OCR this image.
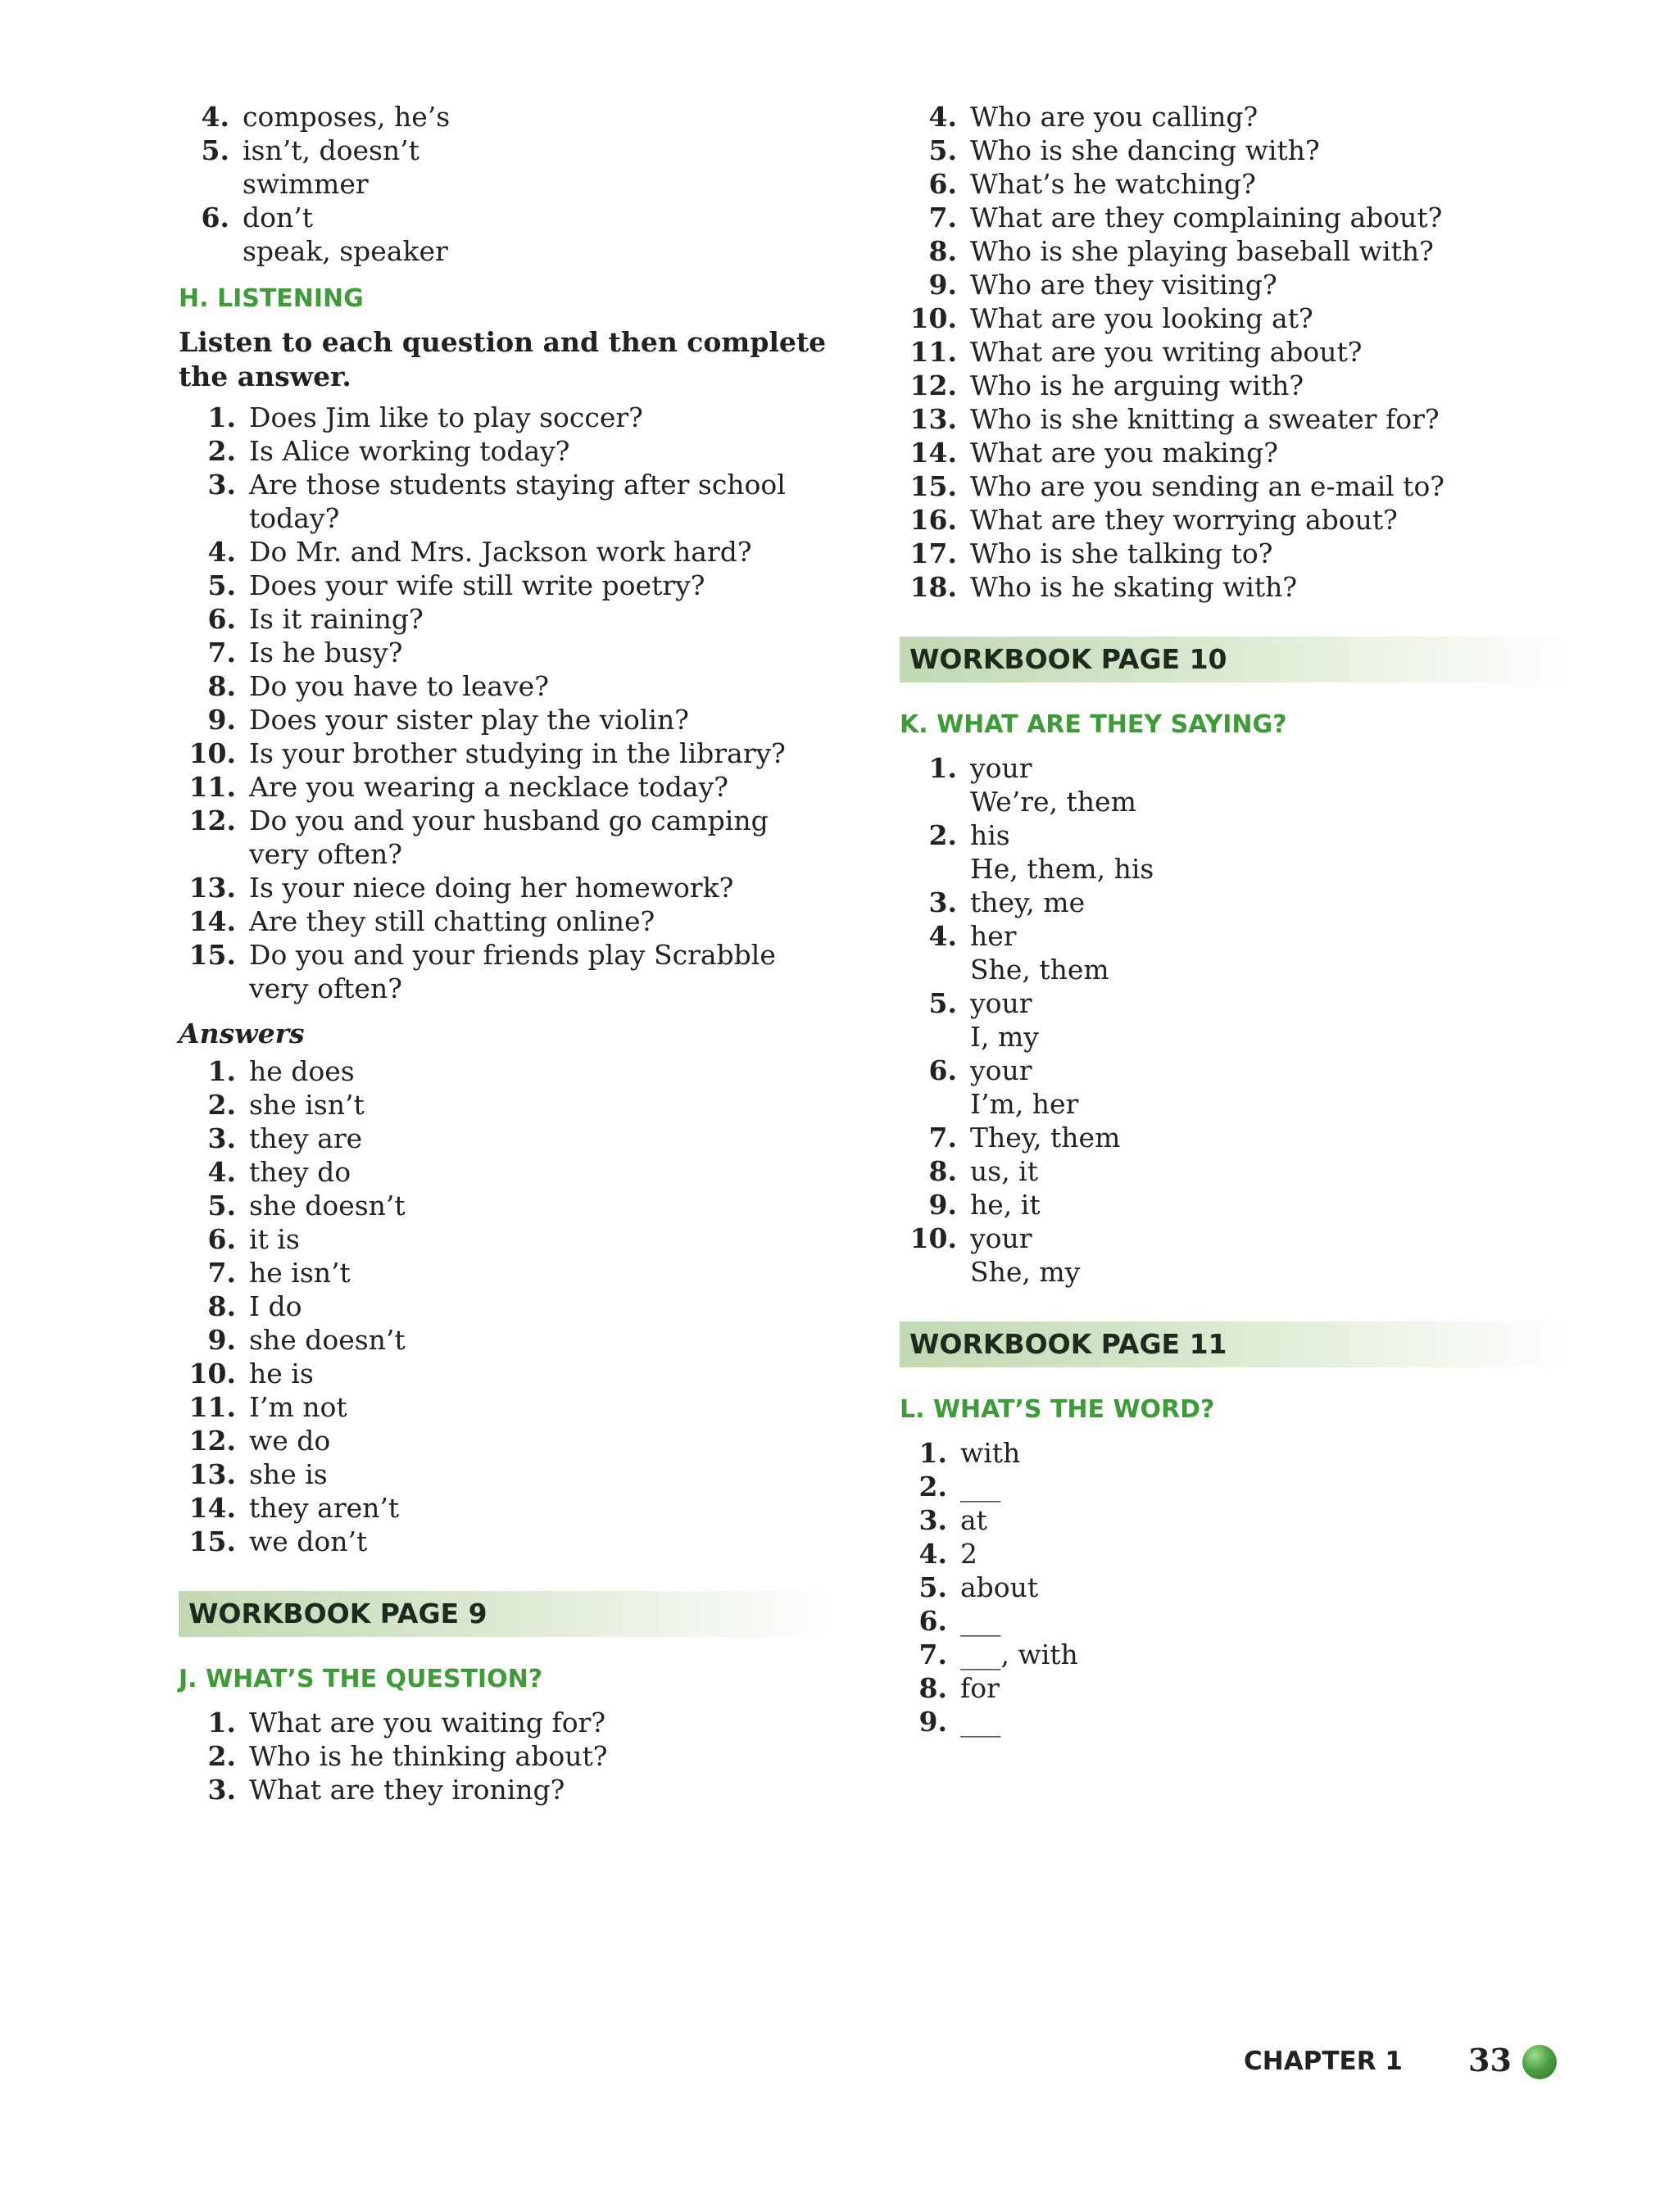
4. composes, he’s
5. isn’t, doesn’t
swimmer
6. don’t
speak, speaker
H. LISTENING
Listen to each question and then complete the answer.
1. Does Jim like to play soccer?
2. Is Alice working today?
3. Are those students staying after school today?
4. Do Mr. and Mrs. Jackson work hard?
5. Does your wife still write poetry?
6. Is it raining?
7. Is he busy?
8. Do you have to leave?
9. Does your sister play the violin?
10. Is your brother studying in the library?
11. Are you wearing a necklace today?
12. Do you and your husband go camping very often?
13. Is your niece doing her homework?
14. Are they still chatting online?
15. Do you and your friends play Scrabble very often?
Answers
1. he does
2. she isn’t
3. they are
4. they do
5. she doesn’t
6. it is
7. he isn’t
8. I do
9. she doesn’t
10. he is
11. I’m not
12. we do
13. she is
14. they aren’t
15. we don’t
WORKBOOK PAGE 9
J. WHAT’S THE QUESTION?
1. What are you waiting for?
2. Who is he thinking about?
3. What are they ironing?
4. Who are you calling?
5. Who is she dancing with?
6. What’s he watching?
7. What are they complaining about?
8. Who is she playing baseball with?
9. Who are they visiting?
10. What are you looking at?
11. What are you writing about?
12. Who is he arguing with?
13. Who is she knitting a sweater for?
14. What are you making?
15. Who are you sending an e-mail to?
16. What are they worrying about?
17. Who is she talking to?
18. Who is he skating with?
WORKBOOK PAGE 10
K. WHAT ARE THEY SAYING?
1. your
We’re, them
2. his
He, them, his
3. they, me
4. her
She, them
5. your
I, my
6. your
I’m, her
7. They, them
8. us, it
9. he, it
10. your
She, my
WORKBOOK PAGE 11
L. WHAT’S THE WORD?
1. with
2. ___
3. at
4. 2
5. about
6. ___
7. ___, with
8. for
9. ___
CHAPTER 1 33
